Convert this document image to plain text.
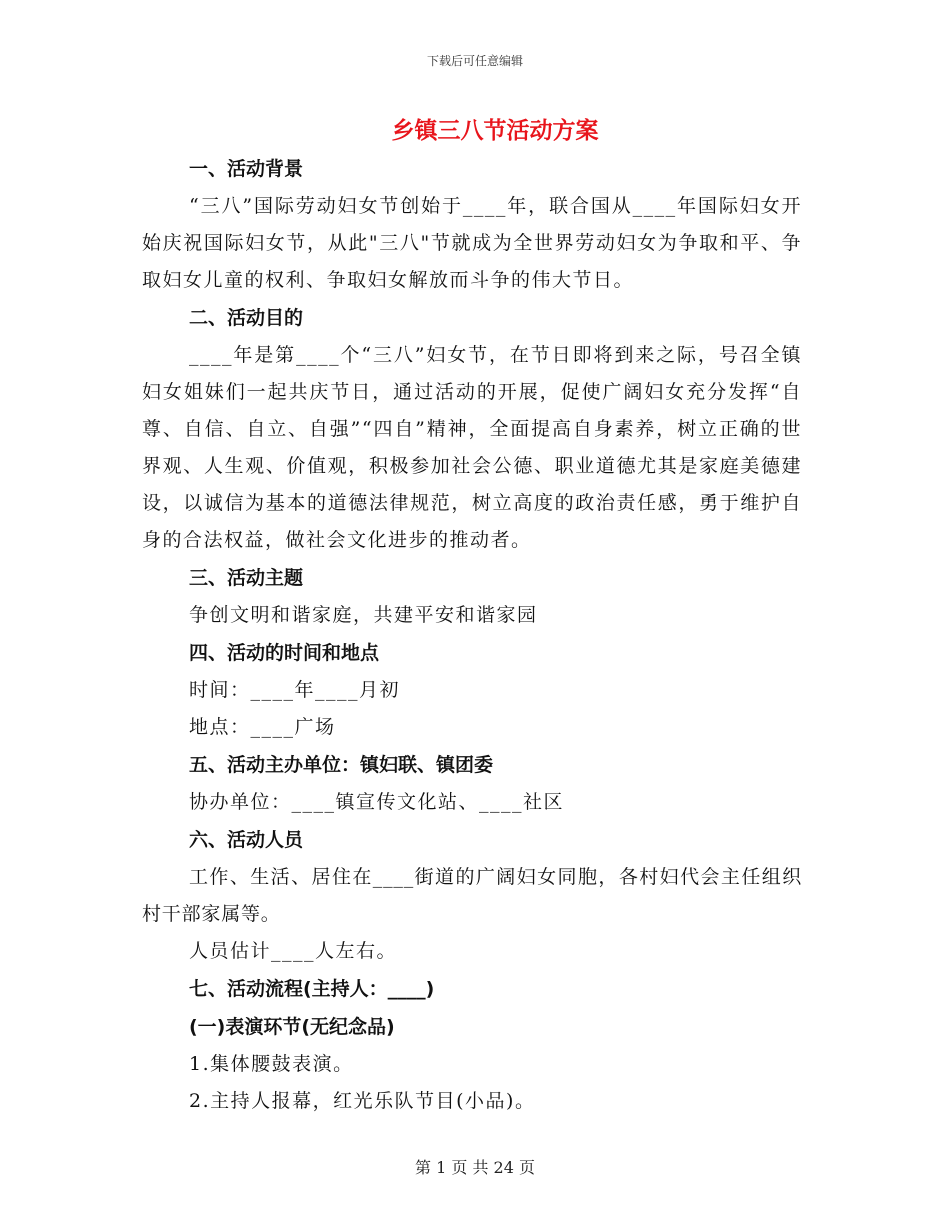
下载后可任意编辑
乡镇三八节活动方案
一、活动背景
“三八”国际劳动妇女节创始于____年，联合国从____年国际妇女开始庆祝国际妇女节，从此"三八"节就成为全世界劳动妇女为争取和平、争取妇女儿童的权利、争取妇女解放而斗争的伟大节日。
二、活动目的
____年是第____个“三八”妇女节，在节日即将到来之际，号召全镇妇女姐妹们一起共庆节日，通过活动的开展，促使广阔妇女充分发挥“自尊、自信、自立、自强”“四自”精神，全面提高自身素养，树立正确的世界观、人生观、价值观，积极参加社会公德、职业道德尤其是家庭美德建设，以诚信为基本的道德法律规范，树立高度的政治责任感，勇于维护自身的合法权益，做社会文化进步的推动者。
三、活动主题
争创文明和谐家庭，共建平安和谐家园
四、活动的时间和地点
时间：____年____月初
地点：____广场
五、活动主办单位：镇妇联、镇团委
协办单位：____镇宣传文化站、____社区
六、活动人员
工作、生活、居住在____街道的广阔妇女同胞，各村妇代会主任组织村干部家属等。
人员估计____人左右。
七、活动流程(主持人：____)
(一)表演环节(无纪念品)
1.集体腰鼓表演。
2.主持人报幕，红光乐队节目(小品)。
第 1 页 共 24 页
